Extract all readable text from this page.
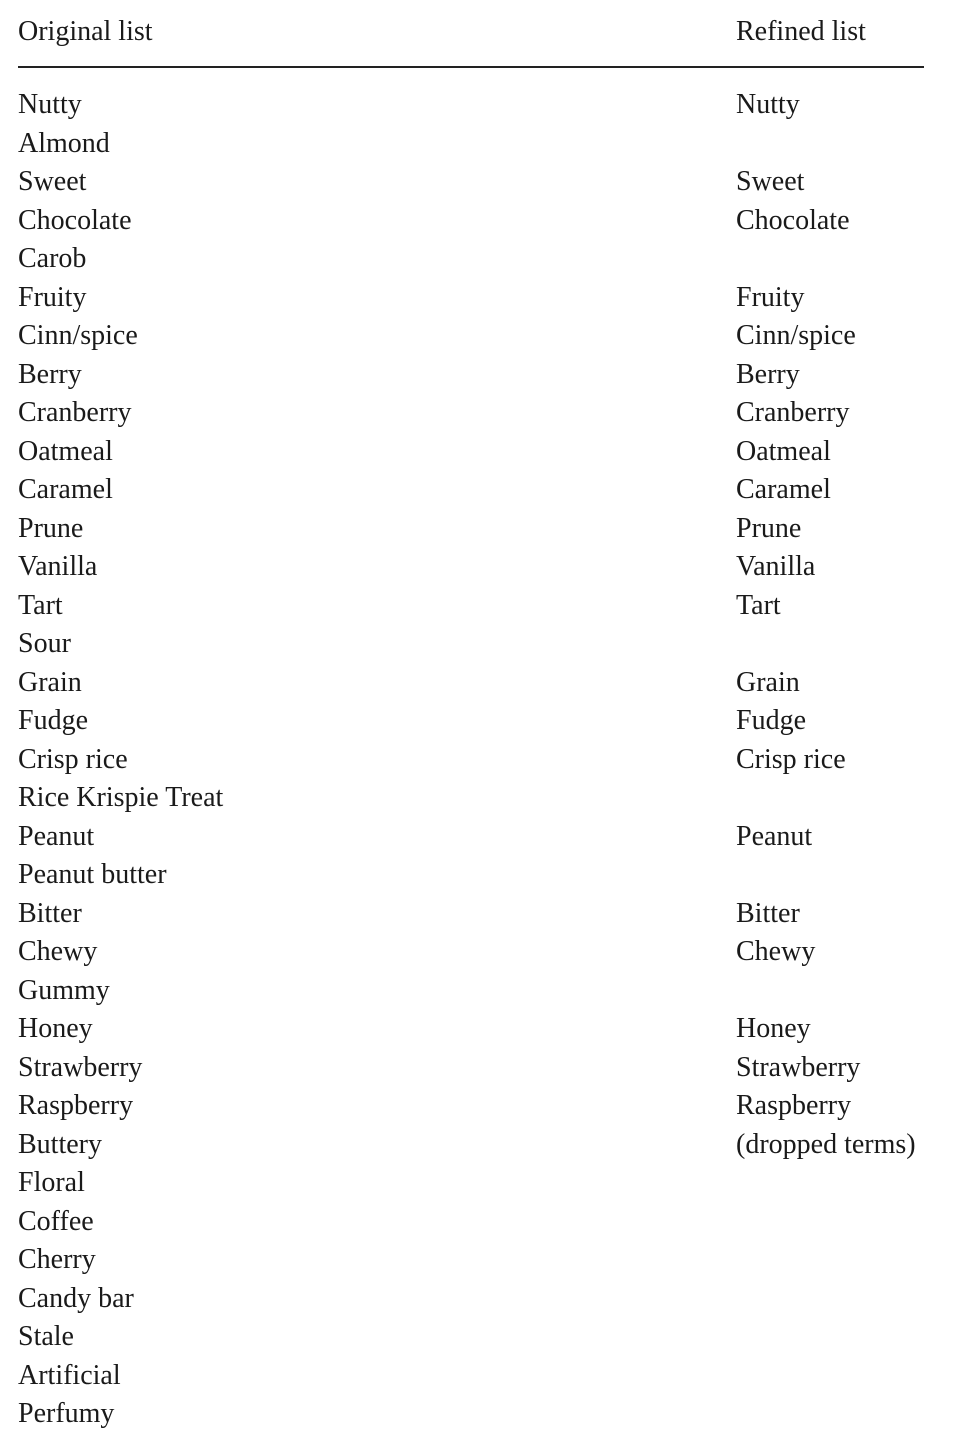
Original list	Refined list
Nutty	Nutty
Almond
Sweet	Sweet
Chocolate	Chocolate
Carob
Fruity	Fruity
Cinn/spice	Cinn/spice
Berry	Berry
Cranberry	Cranberry
Oatmeal	Oatmeal
Caramel	Caramel
Prune	Prune
Vanilla	Vanilla
Tart	Tart
Sour
Grain	Grain
Fudge	Fudge
Crisp rice	Crisp rice
Rice Krispie Treat
Peanut	Peanut
Peanut butter
Bitter	Bitter
Chewy	Chewy
Gummy
Honey	Honey
Strawberry	Strawberry
Raspberry	Raspberry
Buttery	(dropped terms)
Floral
Coffee
Cherry
Candy bar
Stale
Artificial
Perfumy
